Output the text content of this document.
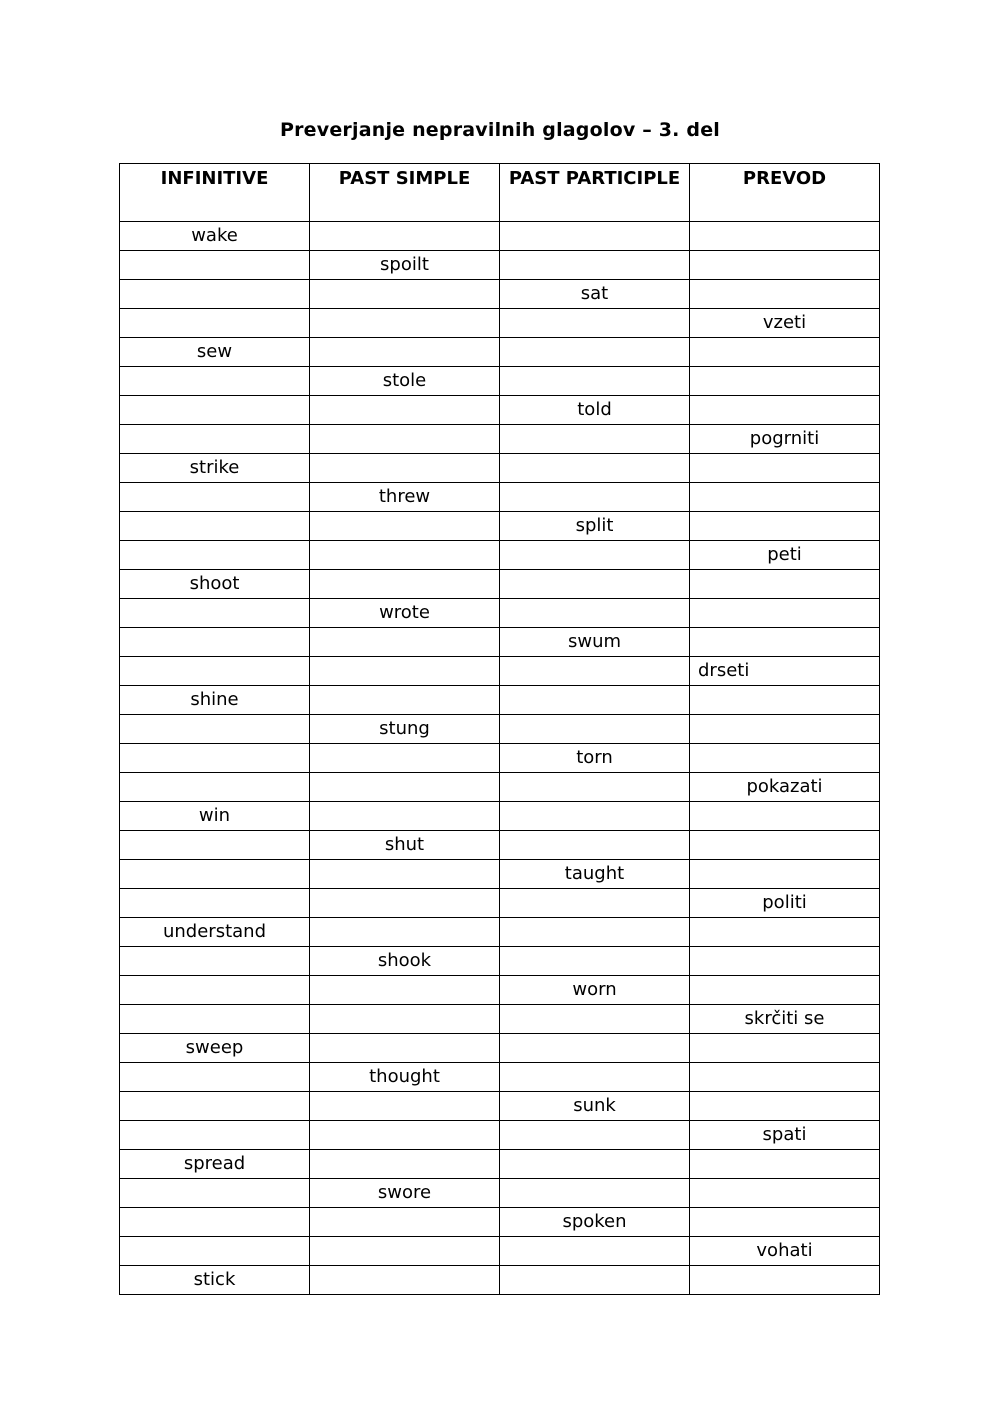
Preverjanje nepravilnih glagolov – 3. del
INFINITIVE	PAST SIMPLE	PAST PARTICIPLE	PREVOD
wake			
	spoilt		
		sat	
			vzeti
sew			
	stole		
		told	
			pogrniti
strike			
	threw		
		split	
			peti
shoot			
	wrote		
		swum	
			drseti
shine			
	stung		
		torn	
			pokazati
win			
	shut		
		taught	
			politi
understand			
	shook		
		worn	
			skrčiti se
sweep			
	thought		
		sunk	
			spati
spread			
	swore		
		spoken	
			vohati
stick			
